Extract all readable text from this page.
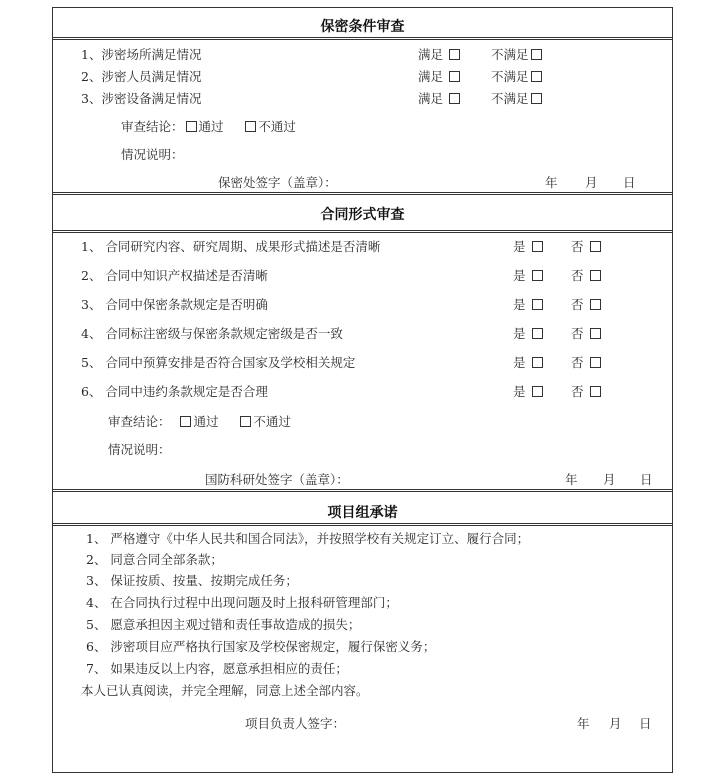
保密条件审查
1、涉密场所满足情况	满足	不满足
2、涉密人员满足情况	满足	不满足
3、涉密设备满足情况	满足	不满足
审查结论： 通过	不通过
情况说明：
保密处签字（盖章）：	年 月 日
合同形式审查
1、 合同研究内容、研究周期、成果形式描述是否清晰	是	否
2、 合同中知识产权描述是否清晰	是	否
3、 合同中保密条款规定是否明确	是	否
4、 合同标注密级与保密条款规定密级是否一致	是	否
5、 合同中预算安排是否符合国家及学校相关规定	是	否
6、 合同中违约条款规定是否合理	是	否
审查结论： 通过	不通过
情况说明：
国防科研处签字（盖章）：	年 月 日
项目组承诺
1、 严格遵守《中华人民共和国合同法》，并按照学校有关规定订立、履行合同；
2、 同意合同全部条款；
3、 保证按质、按量、按期完成任务；
4、 在合同执行过程中出现问题及时上报科研管理部门；
5、 愿意承担因主观过错和责任事故造成的损失；
6、 涉密项目应严格执行国家及学校保密规定，履行保密义务；
7、 如果违反以上内容，愿意承担相应的责任；
本人已认真阅读，并完全理解，同意上述全部内容。
项目负责人签字：	年 月 日
